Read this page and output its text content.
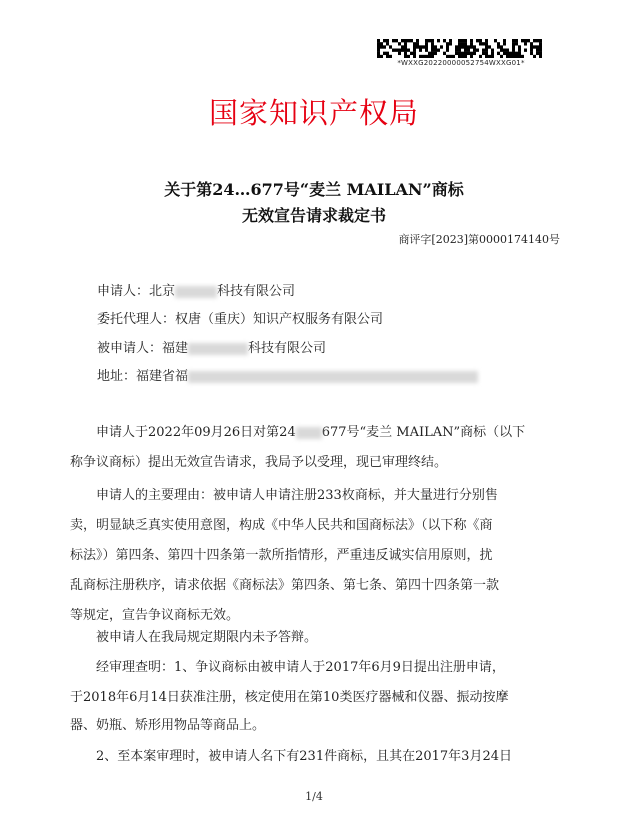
*WXXG20220000052754WXXG01*
国家知识产权局
关于第24…677号“麦兰 MAILAN”商标
无效宣告请求裁定书
商评字[2023]第0000174140号
申请人：北京	科技有限公司
委托代理人：权唐（重庆）知识产权服务有限公司
被申请人：福建	科技有限公司
地址：福建省福
申请人于2022年09月26日对第24 677号“麦兰 MAILAN”商标（以下
称争议商标）提出无效宣告请求，我局予以受理，现已审理终结。
申请人的主要理由：被申请人申请注册233枚商标，并大量进行分别售
卖，明显缺乏真实使用意图，构成《中华人民共和国商标法》（以下称《商
标法》）第四条、第四十四条第一款所指情形，严重违反诚实信用原则，扰
乱商标注册秩序，请求依据《商标法》第四条、第七条、第四十四条第一款
等规定，宣告争议商标无效。
被申请人在我局规定期限内未予答辩。
经审理查明：1、争议商标由被申请人于2017年6月9日提出注册申请，
于2018年6月14日获准注册，核定使用在第10类医疗器械和仪器、振动按摩
器、奶瓶、矫形用物品等商品上。
2、至本案审理时，被申请人名下有231件商标，且其在2017年3月24日
1/4
